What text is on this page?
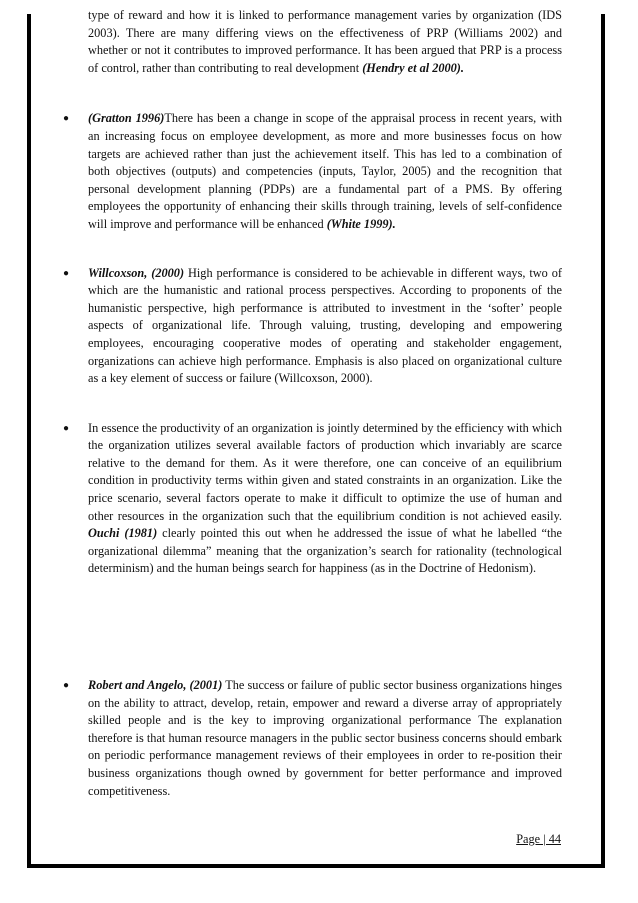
type of reward and how it is linked to performance management varies by organization (IDS 2003). There are many differing views on the effectiveness of PRP (Williams 2002) and whether or not it contributes to improved performance. It has been argued that PRP is a process of control, rather than contributing to real development (Hendry et al 2000).

● (Gratton 1996)There has been a change in scope of the appraisal process in recent years, with an increasing focus on employee development, as more and more businesses focus on how targets are achieved rather than just the achievement itself. This has led to a combination of both objectives (outputs) and competencies (inputs, Taylor, 2005) and the recognition that personal development planning (PDPs) are a fundamental part of a PMS. By offering employees the opportunity of enhancing their skills through training, levels of self-confidence will improve and performance will be enhanced (White 1999).

● Willcoxson, (2000) High performance is considered to be achievable in different ways, two of which are the humanistic and rational process perspectives. According to proponents of the humanistic perspective, high performance is attributed to investment in the ‘softer’ people aspects of organizational life. Through valuing, trusting, developing and empowering employees, encouraging cooperative modes of operating and stakeholder engagement, organizations can achieve high performance. Emphasis is also placed on organizational culture as a key element of success or failure (Willcoxson, 2000).

● In essence the productivity of an organization is jointly determined by the efficiency with which the organization utilizes several available factors of production which invariably are scarce relative to the demand for them. As it were therefore, one can conceive of an equilibrium condition in productivity terms within given and stated constraints in an organization. Like the price scenario, several factors operate to make it difficult to optimize the use of human and other resources in the organization such that the equilibrium condition is not achieved easily. Ouchi (1981) clearly pointed this out when he addressed the issue of what he labelled “the organizational dilemma” meaning that the organization’s search for rationality (technological determinism) and the human beings search for happiness (as in the Doctrine of Hedonism).

● Robert and Angelo, (2001) The success or failure of public sector business organizations hinges on the ability to attract, develop, retain, empower and reward a diverse array of appropriately skilled people and is the key to improving organizational performance The explanation therefore is that human resource managers in the public sector business concerns should embark on periodic performance management reviews of their employees in order to re-position their business organizations though owned by government for better performance and improved competitiveness.

Page | 44
